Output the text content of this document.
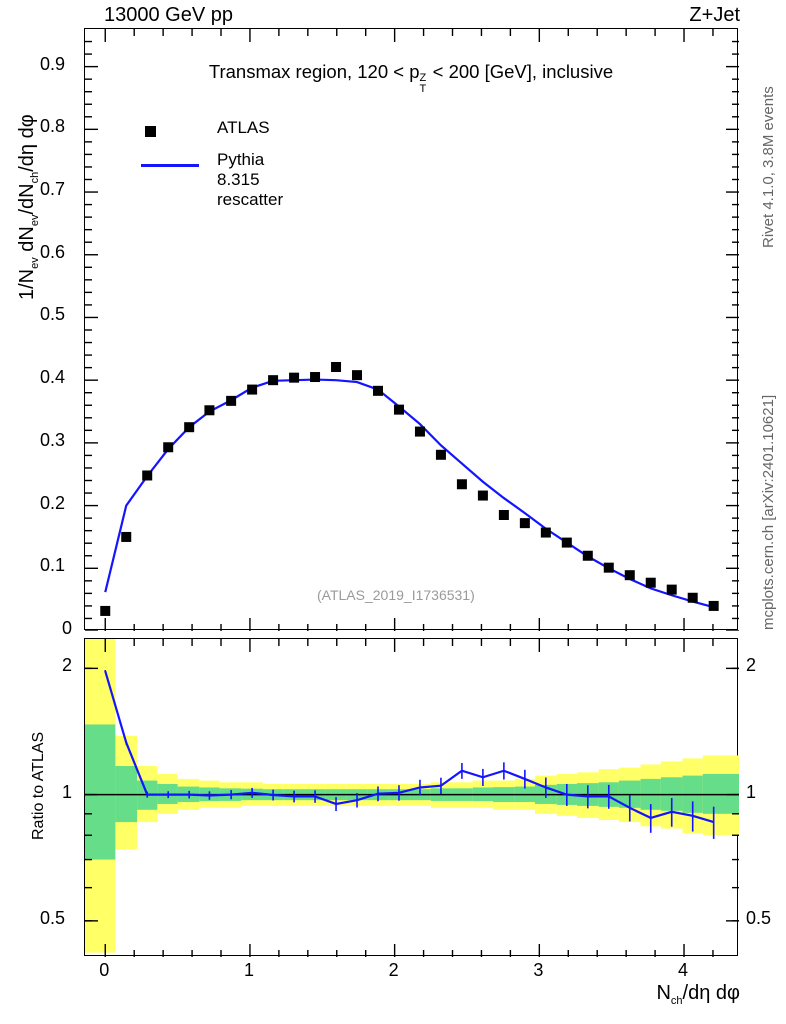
13000 GeV pp	Z+Jet
Rivet 4.1.0, 3.8M events
mcplots.cern.ch [arXiv:2401.10621]
Transmax region, 120 < p Z
T
< 200 [GeV], inclusive
ATLAS
Pythia 8.315 rescatter
(ATLAS_2019_I1736531)
0
0.1
0.2
0.3
0.4
0.5
0.6
0.7
0.8
0.9
$1/N_{ev}$ $dN_{ev}/dN_{ch}/d\eta$ dφ
0.5
1
2
0.5
1
2
0	1	2	3	4
Ratio to ATLAS
$N_{ch}/d\eta$ dφ
